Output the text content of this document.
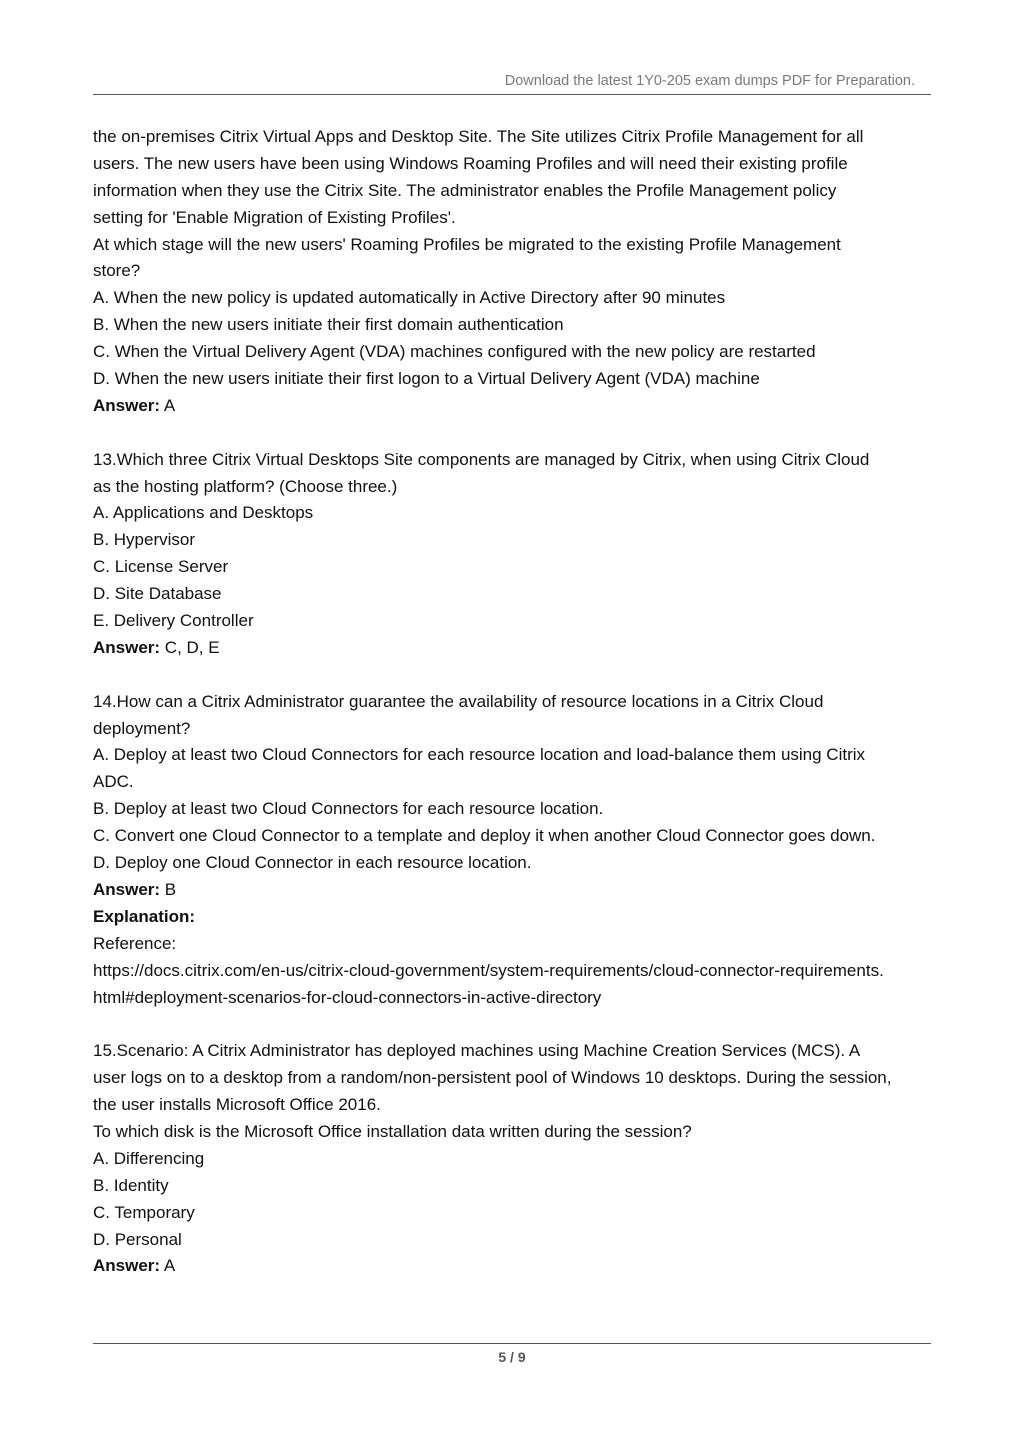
Download the latest 1Y0-205 exam dumps PDF for Preparation.
the on-premises Citrix Virtual Apps and Desktop Site. The Site utilizes Citrix Profile Management for all
users. The new users have been using Windows Roaming Profiles and will need their existing profile
information when they use the Citrix Site. The administrator enables the Profile Management policy
setting for 'Enable Migration of Existing Profiles'.
At which stage will the new users' Roaming Profiles be migrated to the existing Profile Management
store?
A. When the new policy is updated automatically in Active Directory after 90 minutes
B. When the new users initiate their first domain authentication
C. When the Virtual Delivery Agent (VDA) machines configured with the new policy are restarted
D. When the new users initiate their first logon to a Virtual Delivery Agent (VDA) machine
Answer: A
13.Which three Citrix Virtual Desktops Site components are managed by Citrix, when using Citrix Cloud
as the hosting platform? (Choose three.)
A. Applications and Desktops
B. Hypervisor
C. License Server
D. Site Database
E. Delivery Controller
Answer: C, D, E
14.How can a Citrix Administrator guarantee the availability of resource locations in a Citrix Cloud
deployment?
A. Deploy at least two Cloud Connectors for each resource location and load-balance them using Citrix
ADC.
B. Deploy at least two Cloud Connectors for each resource location.
C. Convert one Cloud Connector to a template and deploy it when another Cloud Connector goes down.
D. Deploy one Cloud Connector in each resource location.
Answer: B
Explanation:
Reference:
https://docs.citrix.com/en-us/citrix-cloud-government/system-requirements/cloud-connector-requirements.
html#deployment-scenarios-for-cloud-connectors-in-active-directory
15.Scenario: A Citrix Administrator has deployed machines using Machine Creation Services (MCS). A
user logs on to a desktop from a random/non-persistent pool of Windows 10 desktops. During the session,
the user installs Microsoft Office 2016.
To which disk is the Microsoft Office installation data written during the session?
A. Differencing
B. Identity
C. Temporary
D. Personal
Answer: A
5 / 9
